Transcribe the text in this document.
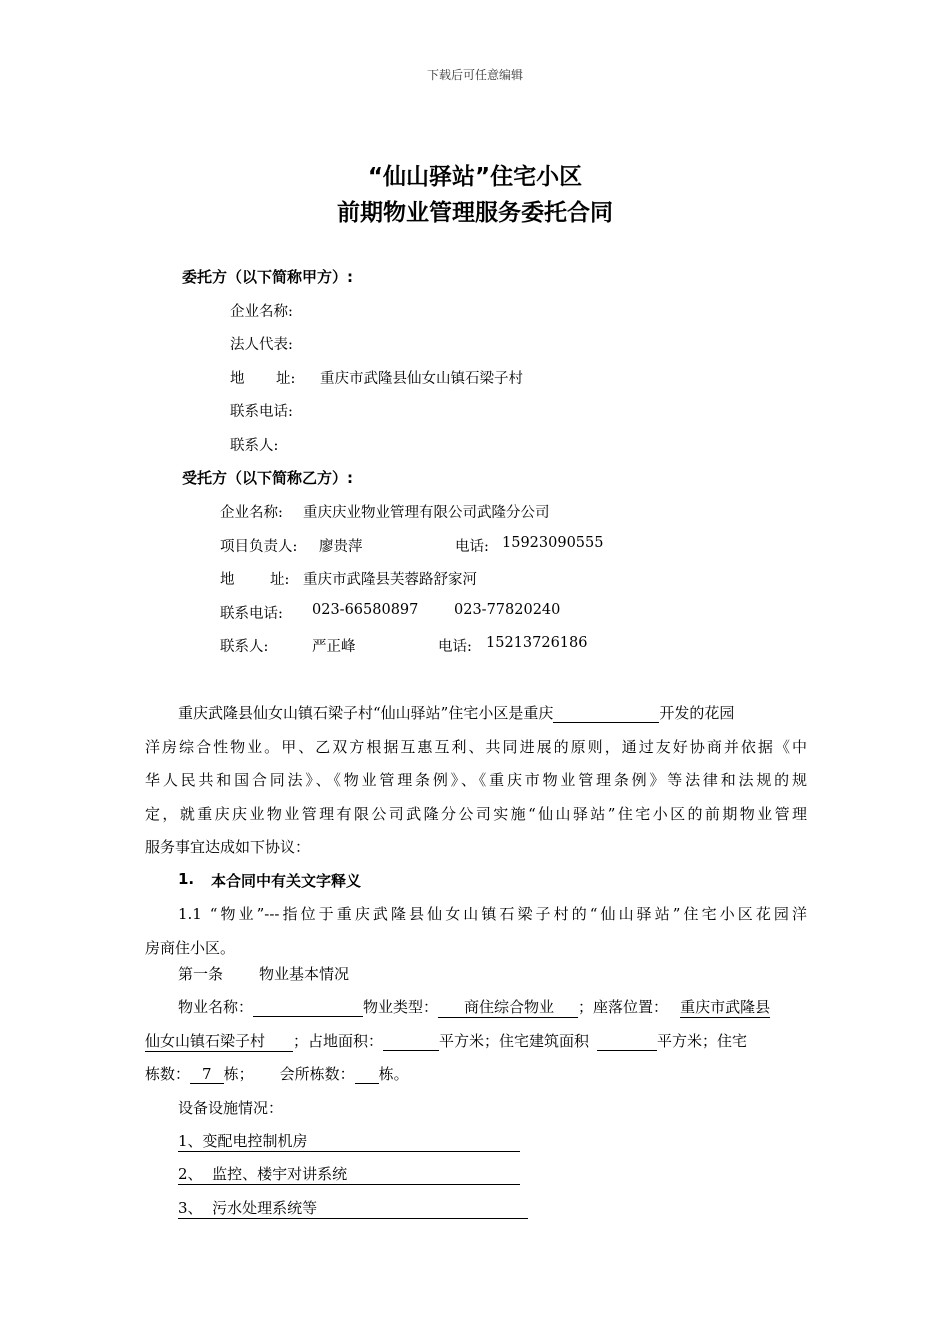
下载后可任意编辑
“仙山驿站”住宅小区
前期物业管理服务委托合同
委托方（以下简称甲方）:
企业名称:
法人代表:
地 址: 重庆市武隆县仙女山镇石梁子村
联系电话:
联系人:
受托方（以下简称乙方）:
企业名称: 重庆庆业物业管理有限公司武隆分公司
项目负责人: 廖贵萍	电话: 15923090555
地 址: 重庆市武隆县芙蓉路舒家河
联系电话: 023-66580897 023-77820240
联系人:	严正峰	电话: 15213726186
重庆武隆县仙女山镇石梁子村“仙山驿站”住宅小区是重庆	开发的花园
洋房综合性物业。甲、乙双方根据互惠互利、共同进展的原则，通过友好协商并依据《中
华人民共和国合同法》、《物业管理条例》、《重庆市物业管理条例》等法律和法规的规
定，就重庆庆业物业管理有限公司武隆分公司实施“仙山驿站”住宅小区的前期物业管理
服务事宜达成如下协议：
1. 本合同中有关文字释义
1.1 “物业”---指位于重庆武隆县仙女山镇石梁子村的“仙山驿站”住宅小区花园洋
房商住小区。
第一条 物业基本情况
物业名称：	物业类型： 商住综合物业 ；座落位置： 重庆市武隆县
仙女山镇石梁子村 ；占地面积：	平方米；住宅建筑面积	平方米；住宅
栋数： 7 栋； 会所栋数： 栋。
设备设施情况：
1、变配电控制机房
2、  监控、楼宇对讲系统
3、  污水处理系统等
